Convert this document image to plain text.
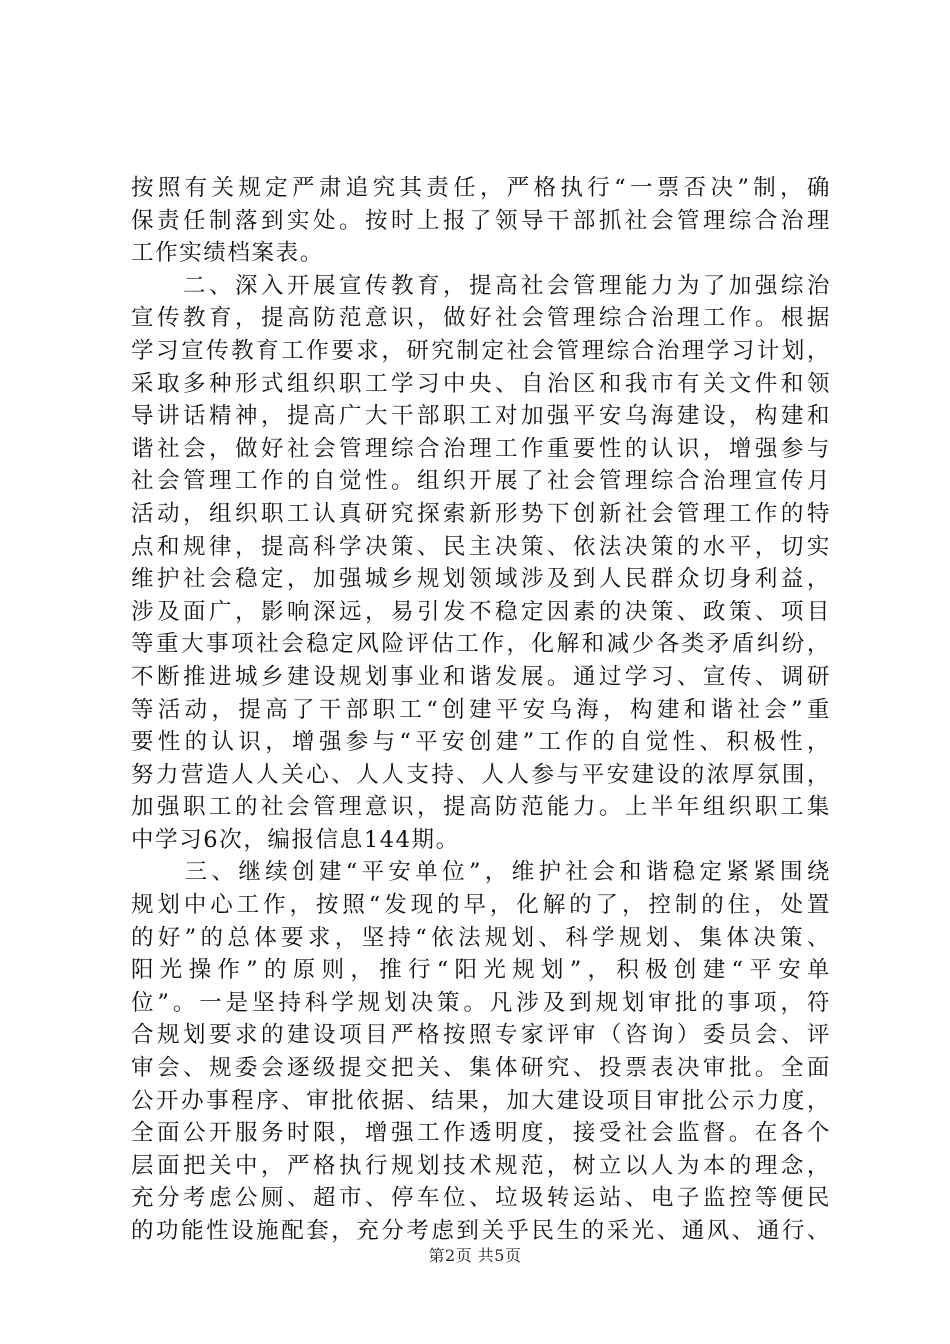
按照有关规定严肃追究其责任，严格执行“一票否决”制，确
保责任制落到实处。按时上报了领导干部抓社会管理综合治理
工作实绩档案表。
　　二、深入开展宣传教育，提高社会管理能力为了加强综治
宣传教育，提高防范意识，做好社会管理综合治理工作。根据
学习宣传教育工作要求，研究制定社会管理综合治理学习计划，
采取多种形式组织职工学习中央、自治区和我市有关文件和领
导讲话精神，提高广大干部职工对加强平安乌海建设，构建和
谐社会，做好社会管理综合治理工作重要性的认识，增强参与
社会管理工作的自觉性。组织开展了社会管理综合治理宣传月
活动，组织职工认真研究探索新形势下创新社会管理工作的特
点和规律，提高科学决策、民主决策、依法决策的水平，切实
维护社会稳定，加强城乡规划领域涉及到人民群众切身利益，
涉及面广，影响深远，易引发不稳定因素的决策、政策、项目
等重大事项社会稳定风险评估工作，化解和减少各类矛盾纠纷，
不断推进城乡建设规划事业和谐发展。通过学习、宣传、调研
等活动，提高了干部职工“创建平安乌海，构建和谐社会”重
要性的认识，增强参与“平安创建”工作的自觉性、积极性，
努力营造人人关心、人人支持、人人参与平安建设的浓厚氛围，
加强职工的社会管理意识，提高防范能力。上半年组织职工集
中学习6次，编报信息144期。
　　三、继续创建“平安单位”，维护社会和谐稳定紧紧围绕
规划中心工作，按照“发现的早，化解的了，控制的住，处置
的好”的总体要求，坚持“依法规划、科学规划、集体决策、
阳光操作”的原则，推行“阳光规划”，积极创建“平安单
位”。一是坚持科学规划决策。凡涉及到规划审批的事项，符
合规划要求的建设项目严格按照专家评审（咨询）委员会、评
审会、规委会逐级提交把关、集体研究、投票表决审批。全面
公开办事程序、审批依据、结果，加大建设项目审批公示力度，
全面公开服务时限，增强工作透明度，接受社会监督。在各个
层面把关中，严格执行规划技术规范，树立以人为本的理念，
充分考虑公厕、超市、停车位、垃圾转运站、电子监控等便民
的功能性设施配套，充分考虑到关乎民生的采光、通风、通行、
第2页 共5页
